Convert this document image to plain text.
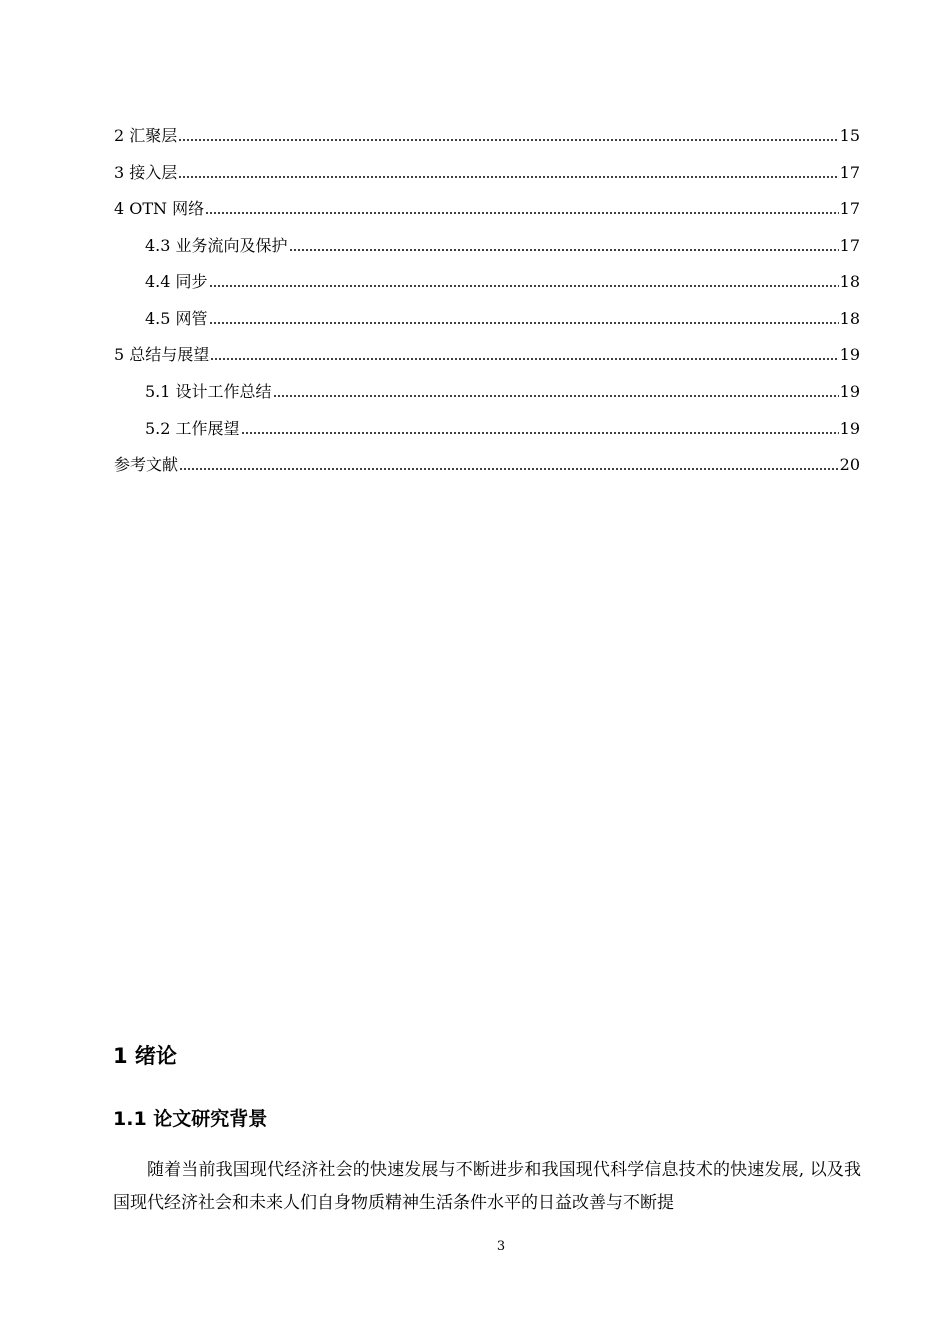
2 汇聚层	15
3 接入层	17
4 OTN 网络	17
4.3 业务流向及保护	17
4.4 同步	18
4.5 网管	18
5 总结与展望	19
5.1 设计工作总结	19
5.2 工作展望	19
参考文献	20
1 绪论
1.1 论文研究背景

随着当前我国现代经济社会的快速发展与不断进步和我国现代科学信息技术的快速发展, 以及我国现代经济社会和未来人们自身物质精神生活条件水平的日益改善与不断提

3
